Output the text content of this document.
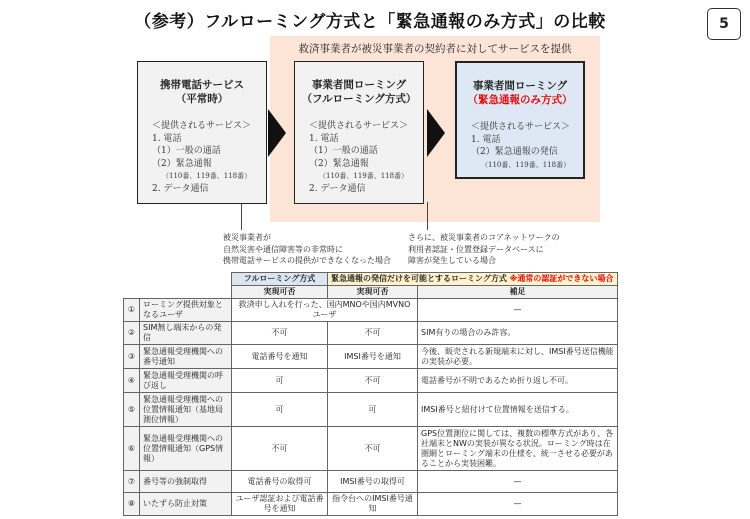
（参考）フルローミング方式と「緊急通報のみ方式」の比較	5
救済事業者が被災事業者の契約者に対してサービスを提供
携帯電話サービス
（平常時）
＜提供されるサービス＞
1. 電話
（1）一般の通話
（2）緊急通報
（110番、119番、118番）
2. データ通信
事業者間ローミング
（フルローミング方式）
＜提供されるサービス＞
1. 電話
（1）一般の通話
（2）緊急通報
（110番、119番、118番）
2. データ通信
事業者間ローミング
（緊急通報のみ方式）
＜提供されるサービス＞
1. 電話
（2）緊急通報の発信
（110番、119番、118番）
被災事業者が
自然災害や通信障害等の非常時に
携帯電話サービスの提供ができなくなった場合
さらに、被災事業者のコアネットワークの
利用者認証・位置登録データベースに
障害が発生している場合
		フルローミング方式	緊急通報の発信だけを可能とするローミング方式 ※通常の認証ができない場合	
		実現可否	実現可否	補足
①	ローミング提供対象となるユーザ	救済申し入れを行った、国内MNOや国内MVNOユーザ		—
②	SIM無し端末からの発信	不可	不可	SIM有りの場合のみ許容。
③	緊急通報受理機関への番号通知	電話番号を通知	IMSI番号を通知	今後、販売される新規端末に対し、IMSI番号送信機能の実装が必要。
④	緊急通報受理機関の呼び返し	可	不可	電話番号が不明であるため折り返し不可。
⑤	緊急通報受理機関への位置情報通知（基地局測位情報）	可	可	IMSI番号と紐付けて位置情報を送信する。
⑥	緊急通報受理機関への位置情報通知（GPS情報）	不可	不可	GPS位置測位に関しては、複数の標準方式があり、各社端末とNWの実装が異なる状況。ローミング時は在圏網とローミング端末の仕様を、統一させる必要があることから実装困難。
⑦	番号等の強制取得	電話番号の取得可	IMSI番号の取得可	—
⑧	いたずら防止対策	ユーザ認証および電話番号を通知	指令台へのIMSI番号通知	—
